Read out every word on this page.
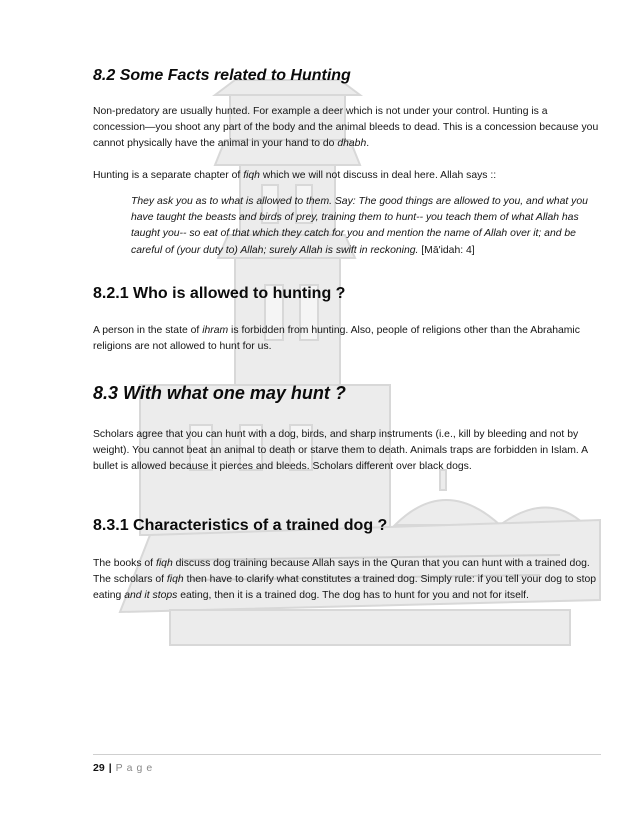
8.2 Some Facts related to Hunting

Non-predatory are usually hunted. For example a deer which is not under your control. Hunting is a concession—you shoot any part of the body and the animal bleeds to dead. This is a concession because you cannot physically have the animal in your hand to do dhabh.

Hunting is a separate chapter of fiqh which we will not discuss in deal here. Allah says ::

They ask you as to what is allowed to them. Say: The good things are allowed to you, and what you have taught the beasts and birds of prey, training them to hunt-- you teach them of what Allah has taught you-- so eat of that which they catch for you and mention the name of Allah over it; and be careful of (your duty to) Allah; surely Allah is swift in reckoning. [Mā'idah: 4]

8.2.1 Who is allowed to hunting ?

A person in the state of ihram is forbidden from hunting. Also, people of religions other than the Abrahamic religions are not allowed to hunt for us.

8.3 With what one may hunt ?

Scholars agree that you can hunt with a dog, birds, and sharp instruments (i.e., kill by bleeding and not by weight). You cannot beat an animal to death or starve them to death. Animals traps are forbidden in Islam. A bullet is allowed because it pierces and bleeds. Scholars different over black dogs.

8.3.1 Characteristics of a trained dog ?

The books of fiqh discuss dog training because Allah says in the Quran that you can hunt with a trained dog. The scholars of fiqh then have to clarify what constitutes a trained dog. Simply rule: if you tell your dog to stop eating and it stops eating, then it is a trained dog. The dog has to hunt for you and not for itself.

29 | Page
